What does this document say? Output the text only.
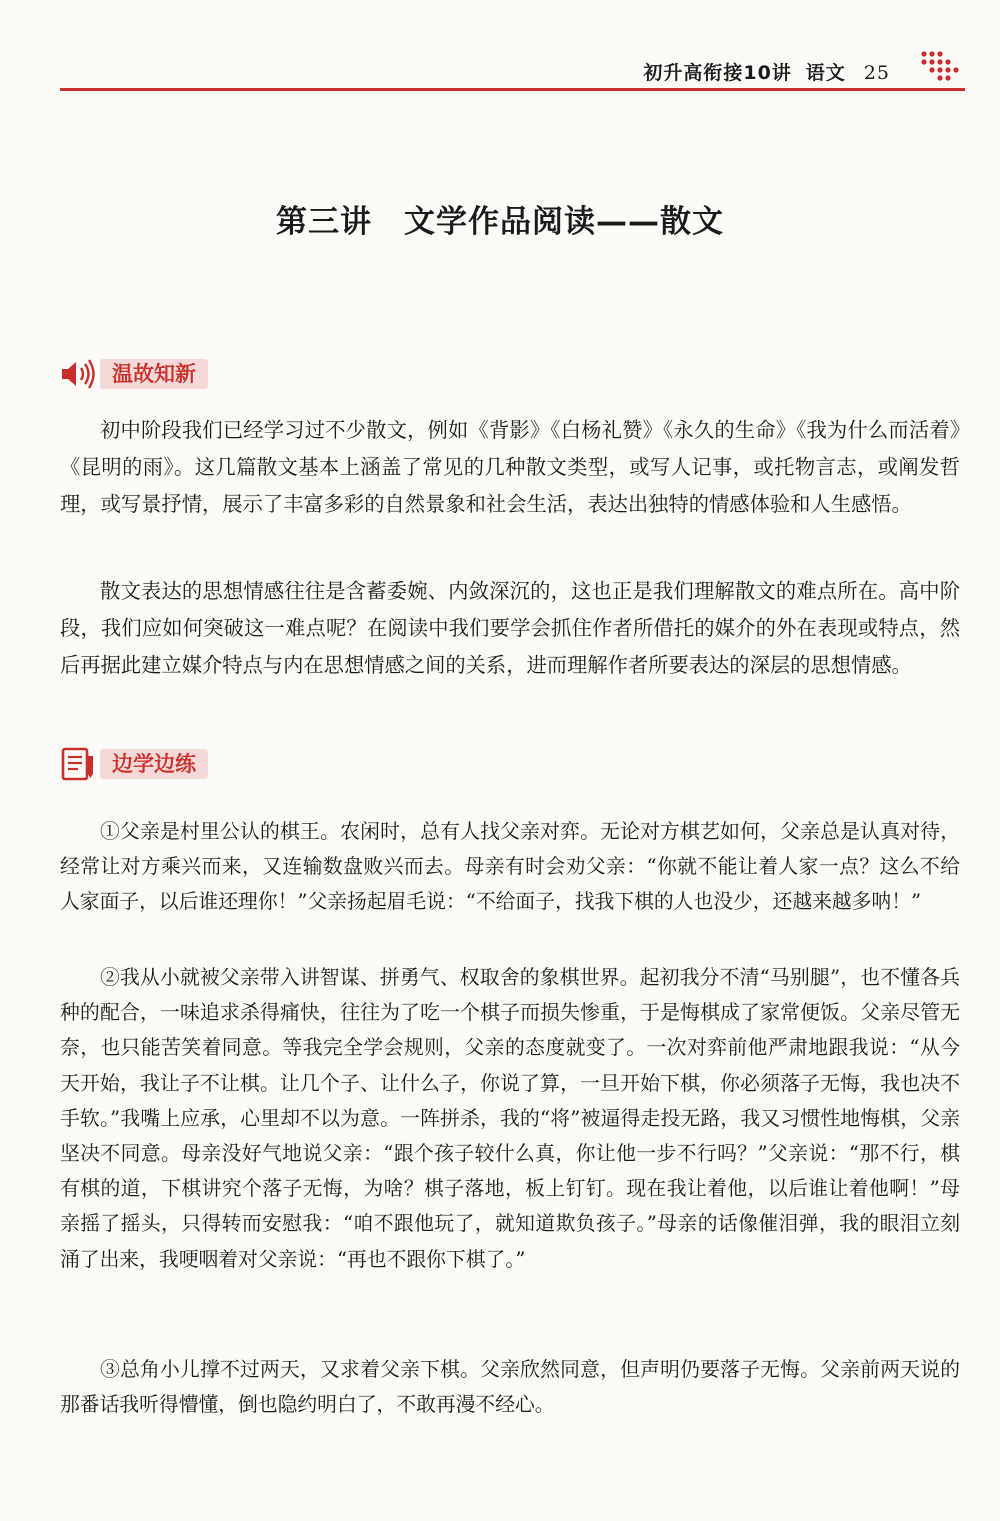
初升高衔接10讲 语文 25
第三讲　文学作品阅读——散文
温故知新

初中阶段我们已经学习过不少散文，例如《背影》《白杨礼赞》《永久的生命》《我为什么而活着》《昆明的雨》。这几篇散文基本上涵盖了常见的几种散文类型，或写人记事，或托物言志，或阐发哲理，或写景抒情，展示了丰富多彩的自然景象和社会生活，表达出独特的情感体验和人生感悟。

散文表达的思想情感往往是含蓄委婉、内敛深沉的，这也正是我们理解散文的难点所在。高中阶段，我们应如何突破这一难点呢？在阅读中我们要学会抓住作者所借托的媒介的外在表现或特点，然后再据此建立媒介特点与内在思想情感之间的关系，进而理解作者所要表达的深层的思想情感。

边学边练

①父亲是村里公认的棋王。农闲时，总有人找父亲对弈。无论对方棋艺如何，父亲总是认真对待，经常让对方乘兴而来，又连输数盘败兴而去。母亲有时会劝父亲：“你就不能让着人家一点？这么不给人家面子，以后谁还理你！”父亲扬起眉毛说：“不给面子，找我下棋的人也没少，还越来越多呐！”

②我从小就被父亲带入讲智谋、拼勇气、权取舍的象棋世界。起初我分不清“马别腿”，也不懂各兵种的配合，一味追求杀得痛快，往往为了吃一个棋子而损失惨重，于是悔棋成了家常便饭。父亲尽管无奈，也只能苦笑着同意。等我完全学会规则，父亲的态度就变了。一次对弈前他严肃地跟我说：“从今天开始，我让子不让棋。让几个子、让什么子，你说了算，一旦开始下棋，你必须落子无悔，我也决不手软。”我嘴上应承，心里却不以为意。一阵拼杀，我的“将”被逼得走投无路，我又习惯性地悔棋，父亲坚决不同意。母亲没好气地说父亲：“跟个孩子较什么真，你让他一步不行吗？”父亲说：“那不行，棋有棋的道，下棋讲究个落子无悔，为啥？棋子落地，板上钉钉。现在我让着他，以后谁让着他啊！”母亲摇了摇头，只得转而安慰我：“咱不跟他玩了，就知道欺负孩子。”母亲的话像催泪弹，我的眼泪立刻涌了出来，我哽咽着对父亲说：“再也不跟你下棋了。”

③总角小儿撑不过两天，又求着父亲下棋。父亲欣然同意，但声明仍要落子无悔。父亲前两天说的那番话我听得懵懂，倒也隐约明白了，不敢再漫不经心。
